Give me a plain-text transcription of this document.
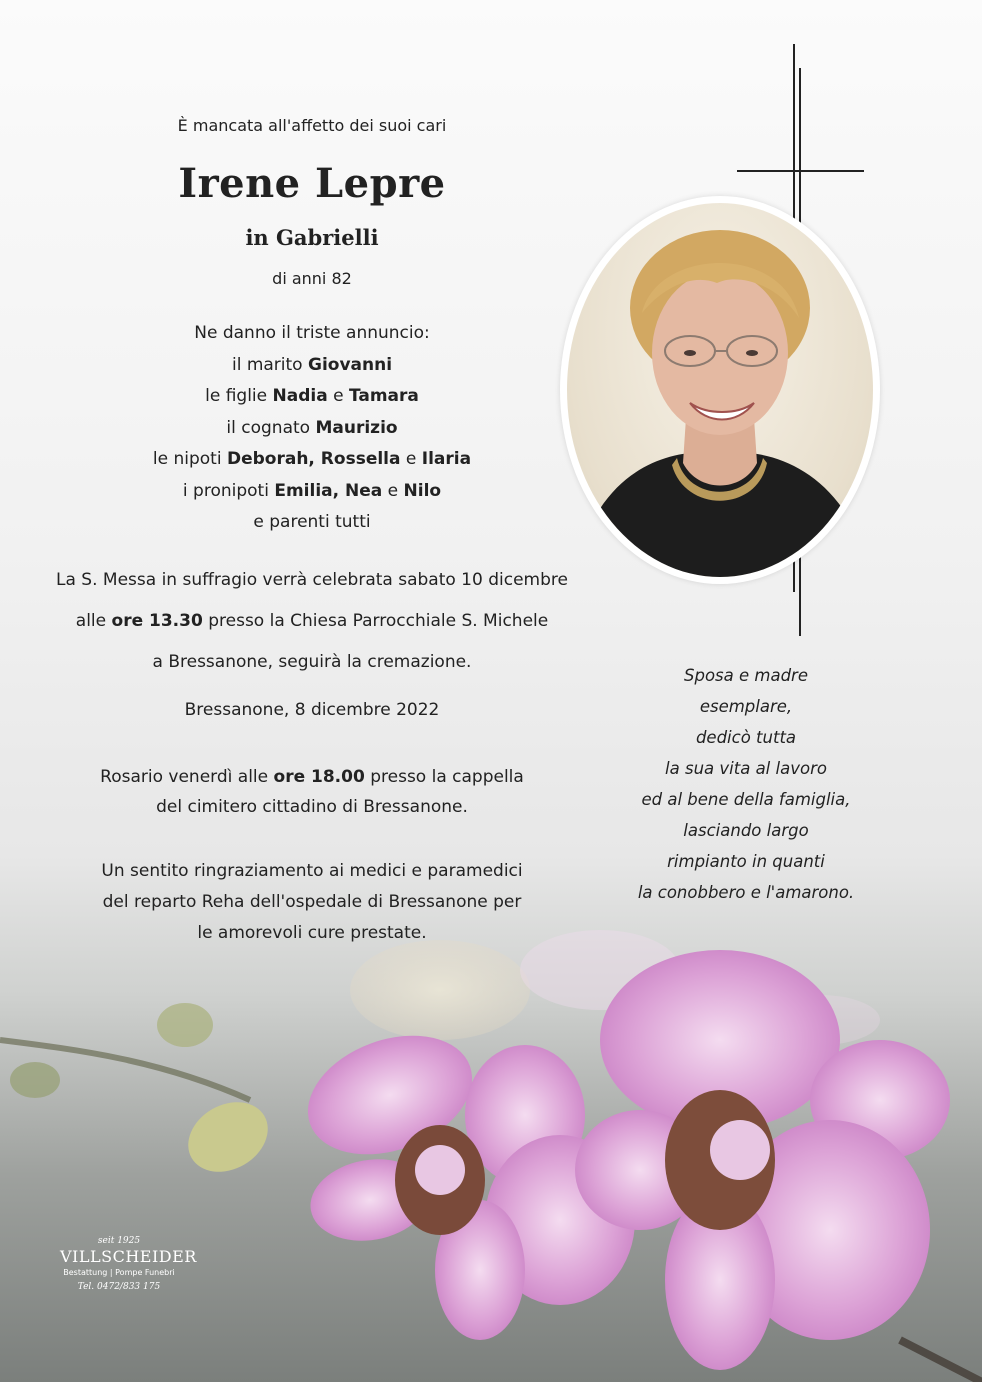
È mancata all'affetto dei suoi cari
Irene Lepre
in Gabrielli
di anni 82
Ne danno il triste annuncio:
il marito Giovanni
le figlie Nadia e Tamara
il cognato Maurizio
le nipoti Deborah, Rossella e Ilaria
i pronipoti Emilia, Nea e Nilo
e parenti tutti
La S. Messa in suffragio verrà celebrata sabato 10 dicembre
alle ore 13.30 presso la Chiesa Parrocchiale S. Michele
a Bressanone, seguirà la cremazione.
Bressanone, 8 dicembre 2022
Rosario venerdì alle ore 18.00 presso la cappella
del cimitero cittadino di Bressanone.
Un sentito ringraziamento ai medici e paramedici
del reparto Reha dell'ospedale di Bressanone per
le amorevoli cure prestate.
Sposa e madre
esemplare,
dedicò tutta
la sua vita al lavoro
ed al bene della famiglia,
lasciando largo
rimpianto in quanti
la conobbero e l'amarono.
seit 1925
VILLSCHEIDER
Bestattung | Pompe Funebri
Tel. 0472/833 175
